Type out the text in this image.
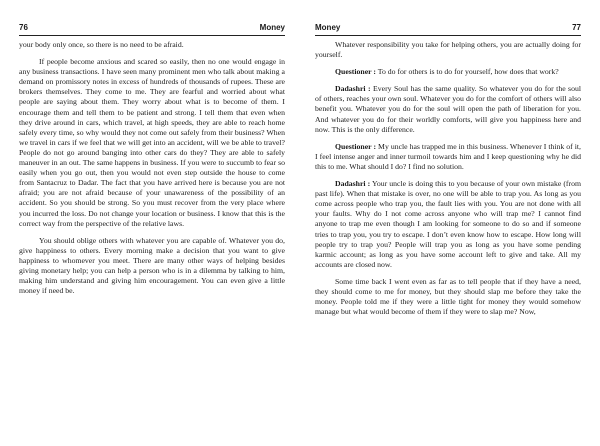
76	Money

your body only once, so there is no need to be afraid.

If people become anxious and scared so easily, then no one would engage in any business transactions. I have seen many prominent men who talk about making a demand on promissory notes in excess of hundreds of thousands of rupees. These are brokers themselves. They come to me. They are fearful and worried about what people are saying about them. They worry about what is to become of them. I encourage them and tell them to be patient and strong. I tell them that even when they drive around in cars, which travel, at high speeds, they are able to reach home safely every time, so why would they not come out safely from their business? When we travel in cars if we feel that we will get into an accident, will we be able to travel? People do not go around banging into other cars do they? They are able to safely maneuver in an out. The same happens in business. If you were to succumb to fear so easily when you go out, then you would not even step outside the house to come from Santacruz to Dadar. The fact that you have arrived here is because you are not afraid; you are not afraid because of your unawareness of the possibility of an accident. So you should be strong. So you must recover from the very place where you incurred the loss. Do not change your location or business. I know that this is the correct way from the perspective of the relative laws.

You should oblige others with whatever you are capable of. Whatever you do, give happiness to others. Every morning make a decision that you want to give happiness to whomever you meet. There are many other ways of helping besides giving monetary help; you can help a person who is in a dilemma by talking to him, making him understand and giving him encouragement. You can even give a little money if need be.

Money	77

Whatever responsibility you take for helping others, you are actually doing for yourself.

Questioner : To do for others is to do for yourself, how does that work?

Dadashri : Every Soul has the same quality. So whatever you do for the soul of others, reaches your own soul. Whatever you do for the comfort of others will also benefit you. Whatever you do for the soul will open the path of liberation for you. And whatever you do for their worldly comforts, will give you happiness here and now. This is the only difference.

Questioner : My uncle has trapped me in this business. Whenever I think of it, I feel intense anger and inner turmoil towards him and I keep questioning why he did this to me. What should I do? I find no solution.

Dadashri : Your uncle is doing this to you because of your own mistake (from past life). When that mistake is over, no one will be able to trap you. As long as you come across people who trap you, the fault lies with you. You are not done with all your faults. Why do I not come across anyone who will trap me? I cannot find anyone to trap me even though I am looking for someone to do so and if someone tries to trap you, you try to escape. I don’t even know how to escape. How long will people try to trap you? People will trap you as long as you have some pending karmic account; as long as you have some account left to give and take. All my accounts are closed now.

Some time back I went even as far as to tell people that if they have a need, they should come to me for money, but they should slap me before they take the money. People told me if they were a little tight for money they would somehow manage but what would become of them if they were to slap me? Now,
